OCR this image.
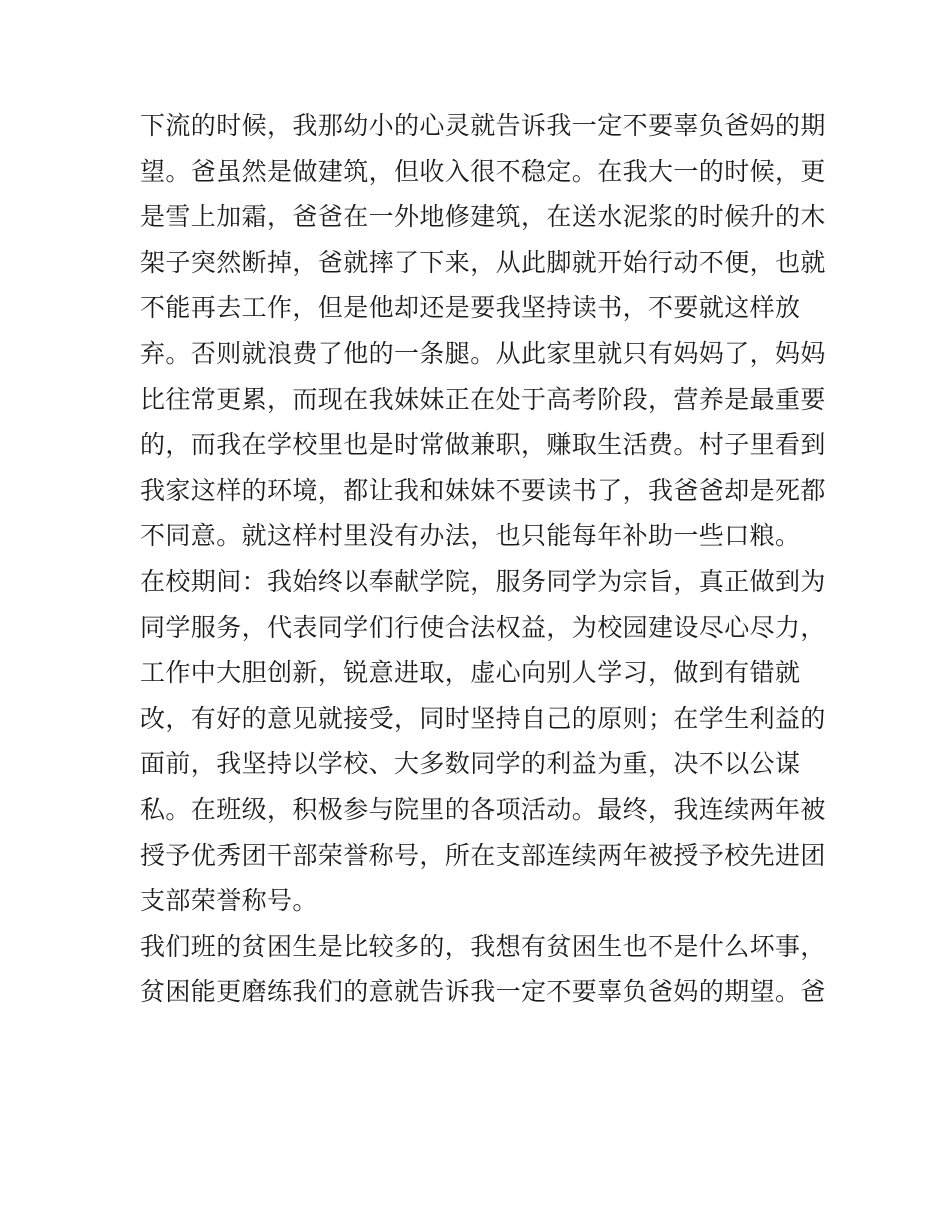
下流的时候，我那幼小的心灵就告诉我一定不要辜负爸妈的期
望。爸虽然是做建筑，但收入很不稳定。在我大一的时候，更
是雪上加霜，爸爸在一外地修建筑，在送水泥浆的时候升的木
架子突然断掉，爸就摔了下来，从此脚就开始行动不便，也就
不能再去工作，但是他却还是要我坚持读书，不要就这样放
弃。否则就浪费了他的一条腿。从此家里就只有妈妈了，妈妈
比往常更累，而现在我妹妹正在处于高考阶段，营养是最重要
的，而我在学校里也是时常做兼职，赚取生活费。村子里看到
我家这样的环境，都让我和妹妹不要读书了，我爸爸却是死都
不同意。就这样村里没有办法，也只能每年补助一些口粮。
在校期间：我始终以奉献学院，服务同学为宗旨，真正做到为
同学服务，代表同学们行使合法权益，为校园建设尽心尽力，
工作中大胆创新，锐意进取，虚心向别人学习，做到有错就
改，有好的意见就接受，同时坚持自己的原则；在学生利益的
面前，我坚持以学校、大多数同学的利益为重，决不以公谋
私。在班级，积极参与院里的各项活动。最终，我连续两年被
授予优秀团干部荣誉称号，所在支部连续两年被授予校先进团
支部荣誉称号。
我们班的贫困生是比较多的，我想有贫困生也不是什么坏事，
贫困能更磨练我们的意就告诉我一定不要辜负爸妈的期望。爸
